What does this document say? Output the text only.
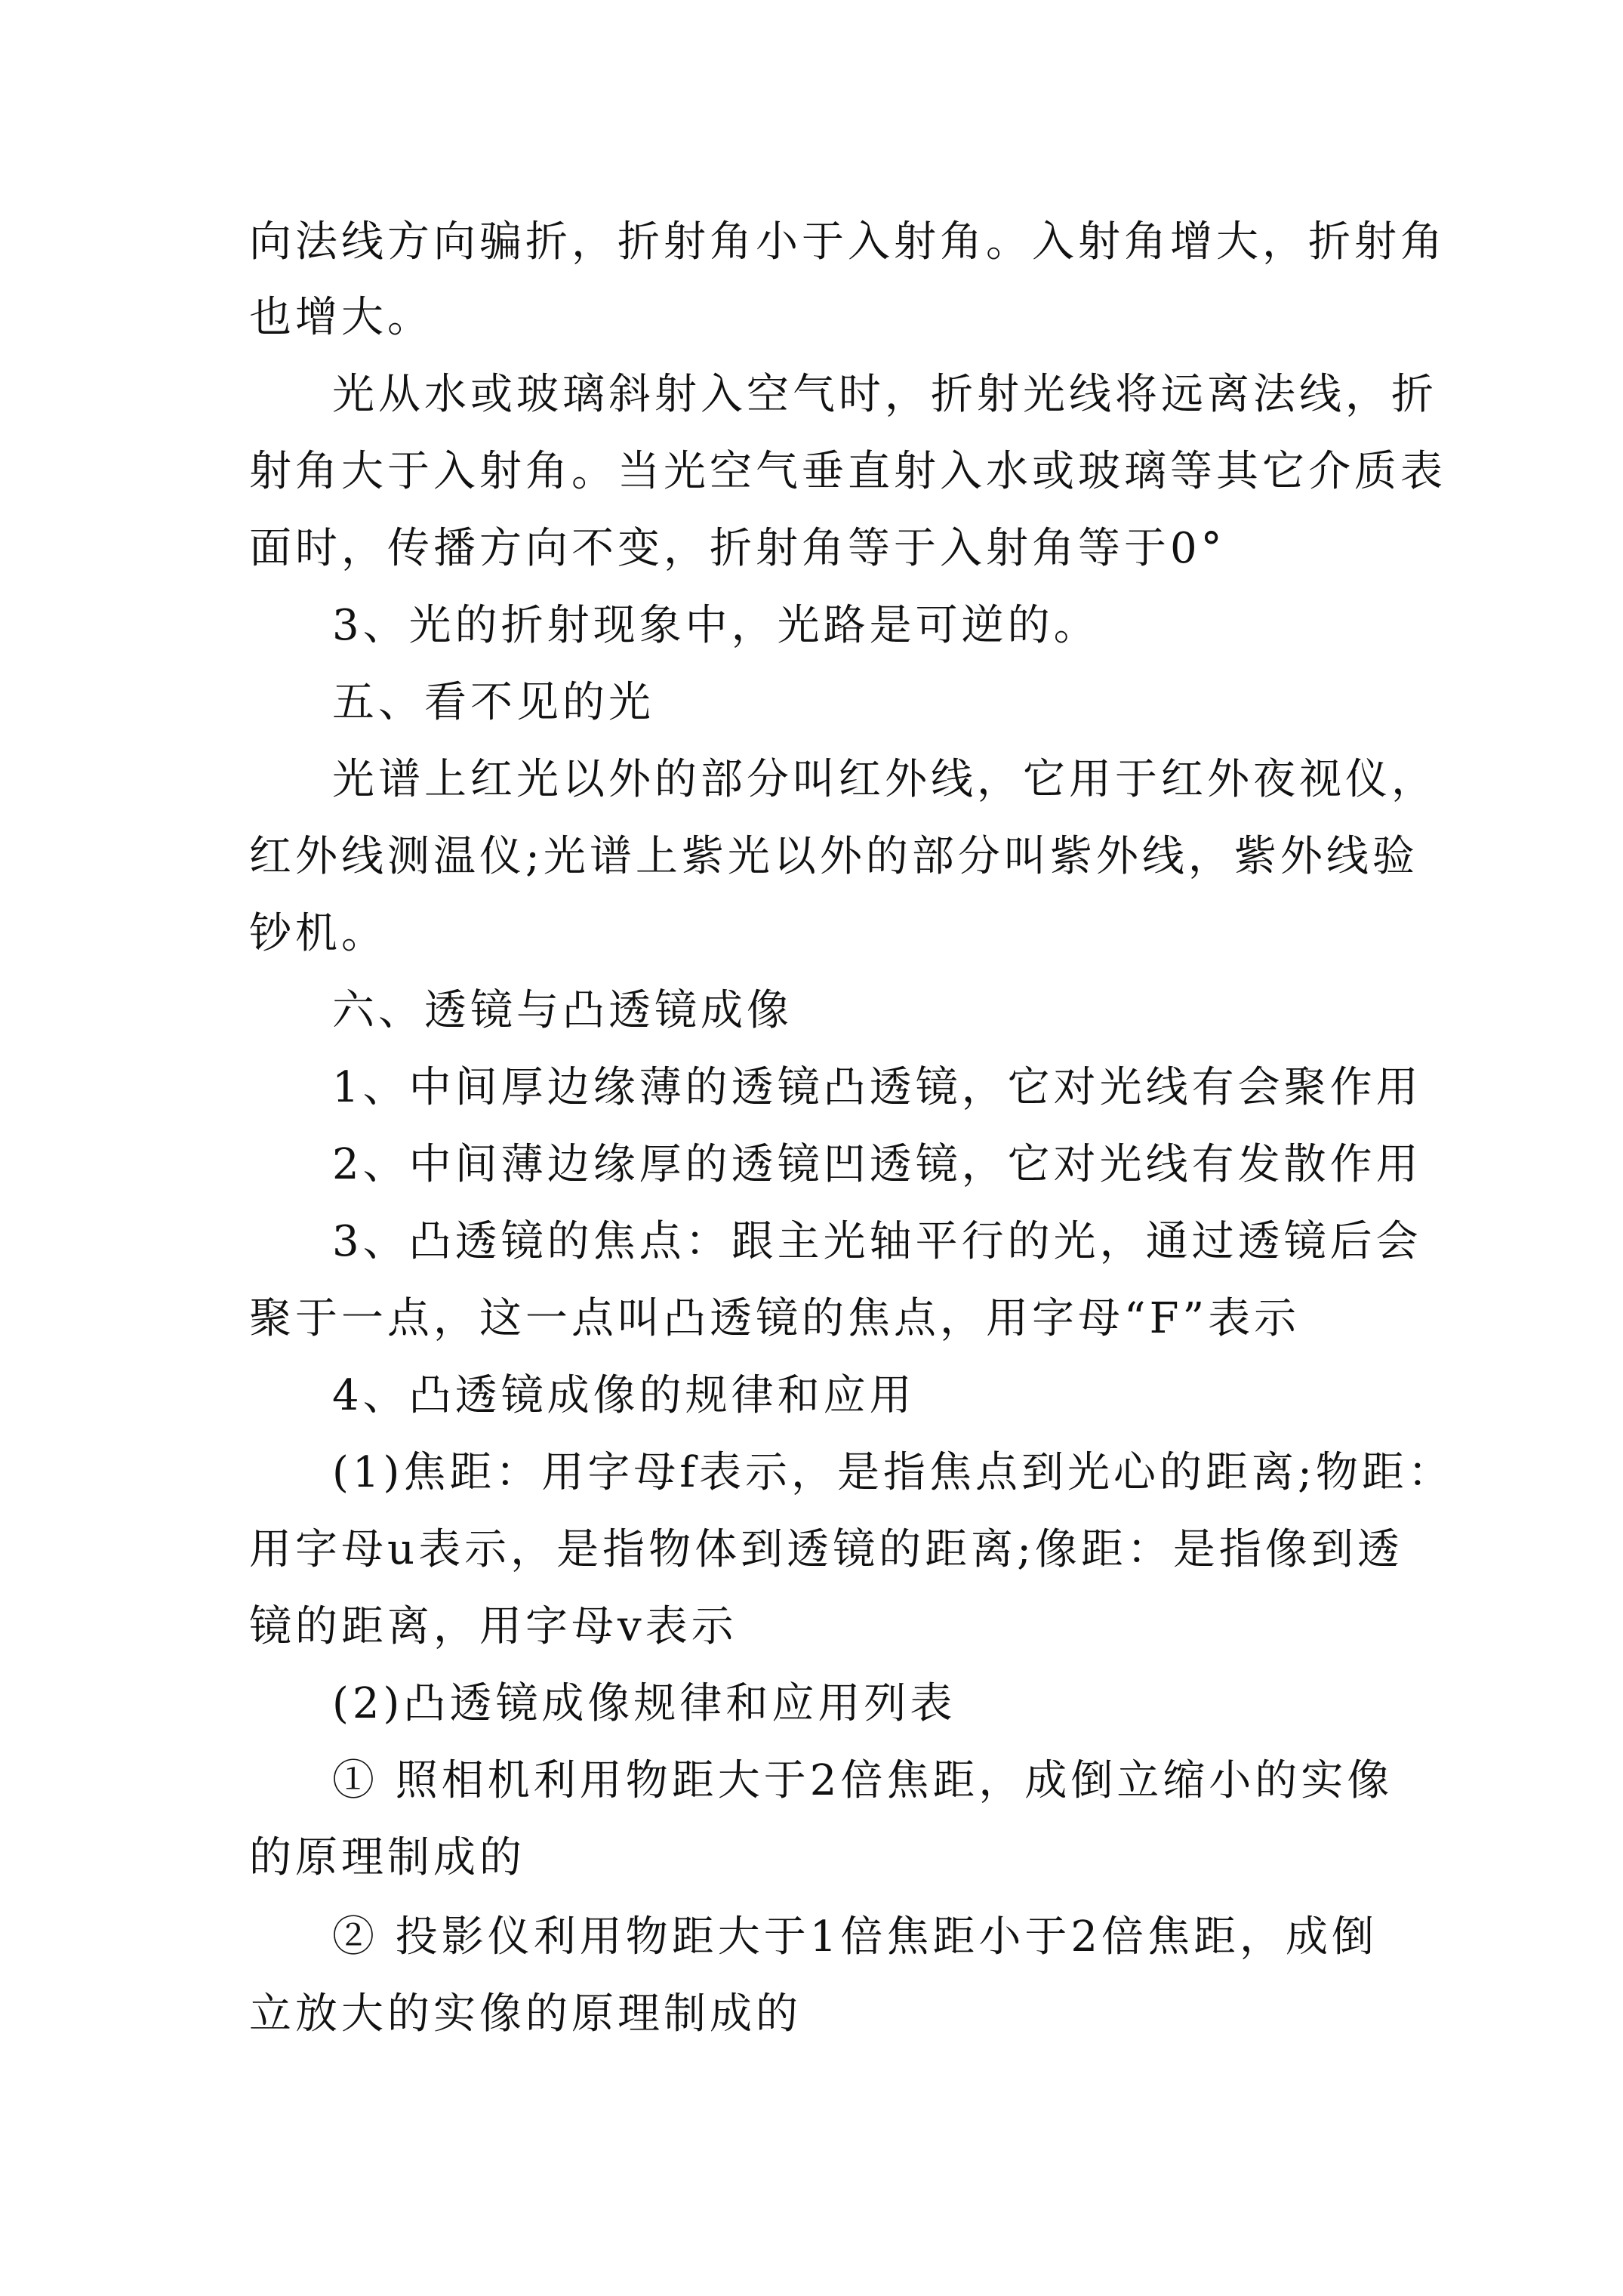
向法线方向骗折，折射角小于入射角。入射角增大，折射角

也增大。

光从水或玻璃斜射入空气时，折射光线将远离法线，折

射角大于入射角。当光空气垂直射入水或玻璃等其它介质表

面时，传播方向不变，折射角等于入射角等于0°

3、光的折射现象中，光路是可逆的。

五、看不见的光

光谱上红光以外的部分叫红外线，它用于红外夜视仪，

红外线测温仪;光谱上紫光以外的部分叫紫外线，紫外线验

钞机。

六、透镜与凸透镜成像

1、中间厚边缘薄的透镜凸透镜，它对光线有会聚作用

2、中间薄边缘厚的透镜凹透镜，它对光线有发散作用

3、凸透镜的焦点：跟主光轴平行的光，通过透镜后会

聚于一点，这一点叫凸透镜的焦点，用字母“F”表示

4、凸透镜成像的规律和应用

(1)焦距：用字母f表示，是指焦点到光心的距离;物距：

用字母u表示，是指物体到透镜的距离;像距：是指像到透

镜的距离，用字母v表示

(2)凸透镜成像规律和应用列表

① 照相机利用物距大于2倍焦距，成倒立缩小的实像

的原理制成的

② 投影仪利用物距大于1倍焦距小于2倍焦距，成倒

立放大的实像的原理制成的
